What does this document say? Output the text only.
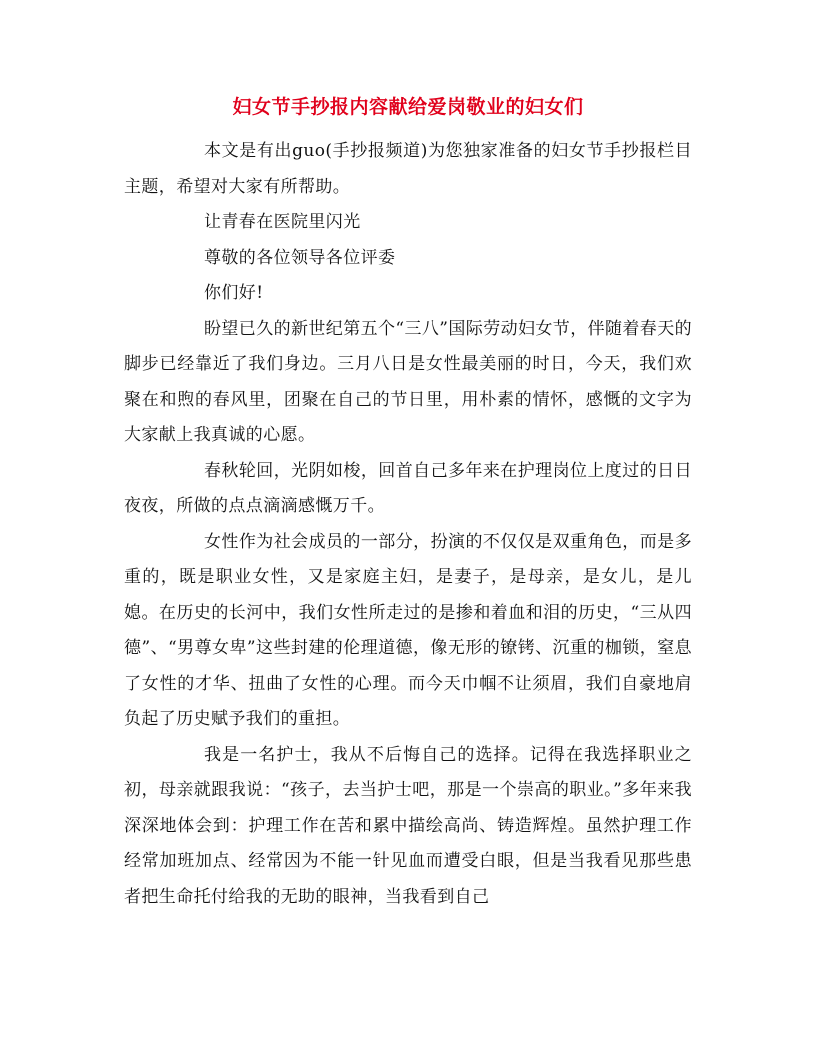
妇女节手抄报内容献给爱岗敬业的妇女们

本文是有出guo(手抄报频道)为您独家准备的妇女节手抄报栏目主题，希望对大家有所帮助。

让青春在医院里闪光

尊敬的各位领导各位评委

你们好!

盼望已久的新世纪第五个“三八”国际劳动妇女节，伴随着春天的脚步已经靠近了我们身边。三月八日是女性最美丽的时日，今天，我们欢聚在和煦的春风里，团聚在自己的节日里，用朴素的情怀，感慨的文字为大家献上我真诚的心愿。

春秋轮回，光阴如梭，回首自己多年来在护理岗位上度过的日日夜夜，所做的点点滴滴感慨万千。

女性作为社会成员的一部分，扮演的不仅仅是双重角色，而是多重的，既是职业女性，又是家庭主妇，是妻子，是母亲，是女儿，是儿媳。在历史的长河中，我们女性所走过的是掺和着血和泪的历史，“三从四德”、“男尊女卑”这些封建的伦理道德，像无形的镣铐、沉重的枷锁，窒息了女性的才华、扭曲了女性的心理。而今天巾帼不让须眉，我们自豪地肩负起了历史赋予我们的重担。

我是一名护士，我从不后悔自己的选择。记得在我选择职业之初，母亲就跟我说：“孩子，去当护士吧，那是一个崇高的职业。”多年来我深深地体会到：护理工作在苦和累中描绘高尚、铸造辉煌。虽然护理工作经常加班加点、经常因为不能一针见血而遭受白眼，但是当我看见那些患者把生命托付给我的无助的眼神，当我看到自己
